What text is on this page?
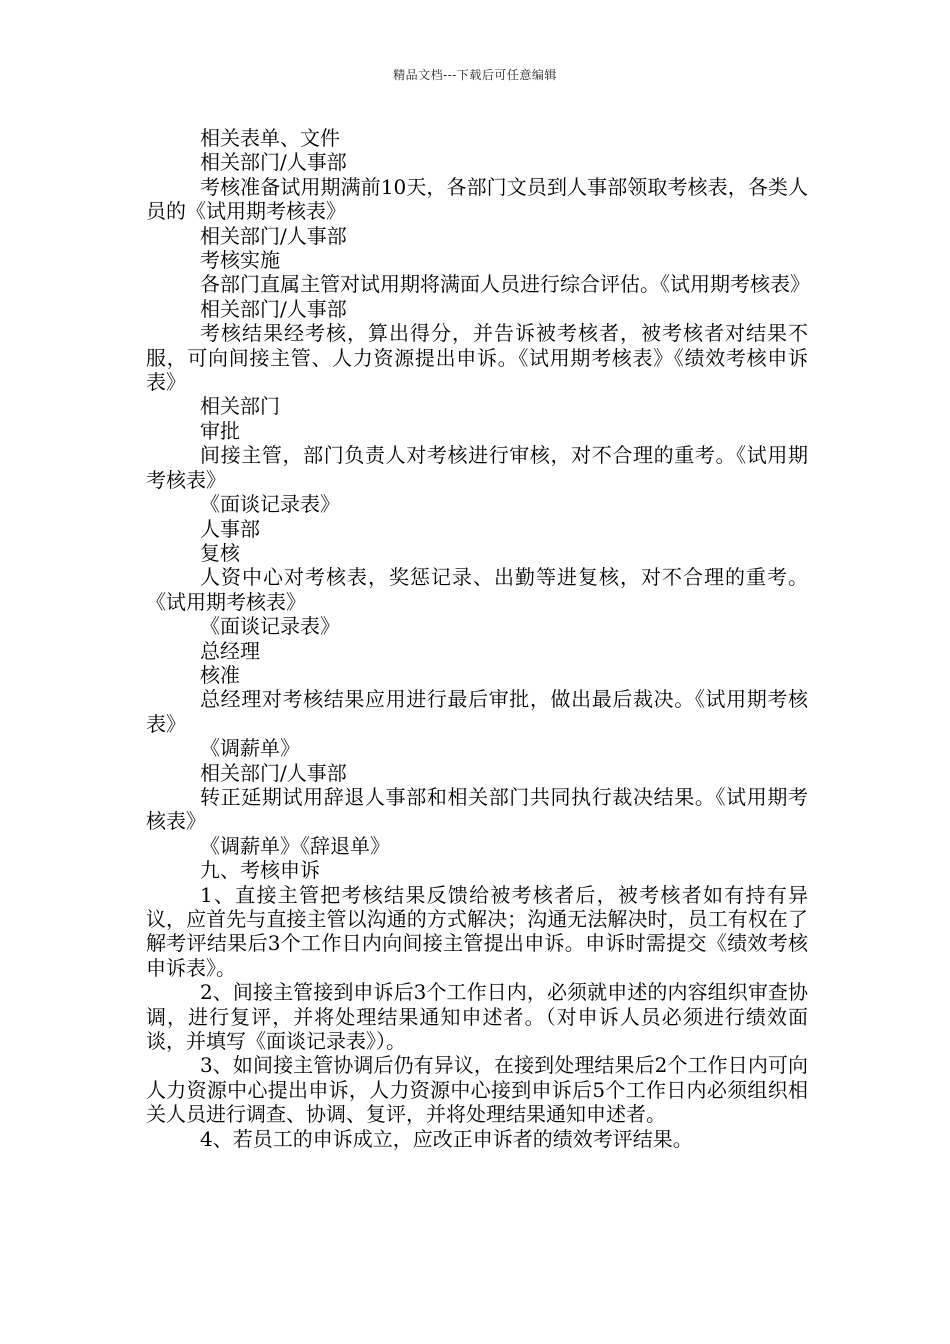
精品文档---下载后可任意编辑

相关表单、文件

相关部门/人事部

考核准备试用期满前10天，各部门文员到人事部领取考核表，各类人员的《试用期考核表》

相关部门/人事部

考核实施

各部门直属主管对试用期将满面人员进行综合评估。《试用期考核表》

相关部门/人事部

考核结果经考核，算出得分，并告诉被考核者，被考核者对结果不服，可向间接主管、人力资源提出申诉。《试用期考核表》《绩效考核申诉表》

相关部门

审批

间接主管，部门负责人对考核进行审核，对不合理的重考。《试用期考核表》

《面谈记录表》

人事部

复核

人资中心对考核表，奖惩记录、出勤等进复核，对不合理的重考。《试用期考核表》

《面谈记录表》

总经理

核准

总经理对考核结果应用进行最后审批，做出最后裁决。《试用期考核表》

《调薪单》

相关部门/人事部

转正延期试用辞退人事部和相关部门共同执行裁决结果。《试用期考核表》

《调薪单》《辞退单》

九、考核申诉

1、直接主管把考核结果反馈给被考核者后，被考核者如有持有异议，应首先与直接主管以沟通的方式解决；沟通无法解决时，员工有权在了解考评结果后3个工作日内向间接主管提出申诉。申诉时需提交《绩效考核申诉表》。

2、间接主管接到申诉后3个工作日内，必须就申述的内容组织审查协调，进行复评，并将处理结果通知申述者。（对申诉人员必须进行绩效面谈，并填写《面谈记录表》）。

3、如间接主管协调后仍有异议，在接到处理结果后2个工作日内可向人力资源中心提出申诉，人力资源中心接到申诉后5个工作日内必须组织相关人员进行调查、协调、复评，并将处理结果通知申述者。

4、若员工的申诉成立，应改正申诉者的绩效考评结果。
